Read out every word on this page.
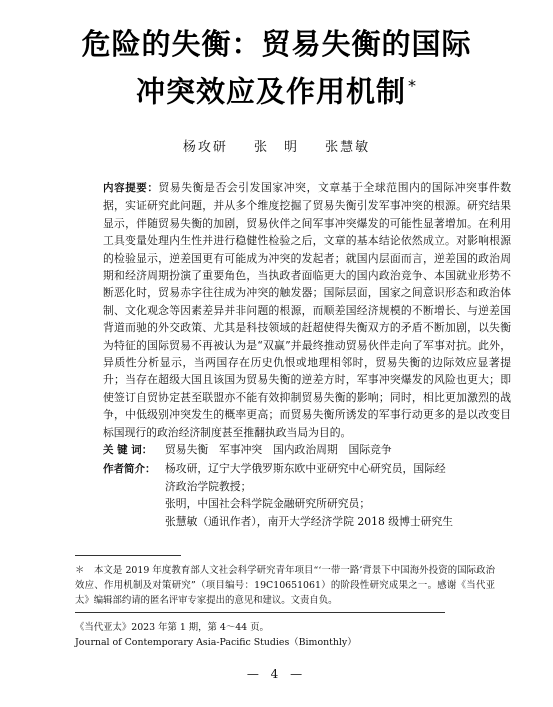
危险的失衡：贸易失衡的国际
冲突效应及作用机制 *
杨攻研 张　明 张慧敏
内容提要：贸易失衡是否会引发国家冲突，文章基于全球范围内的国际冲突事件数据，实证研究此问题，并从多个维度挖掘了贸易失衡引发军事冲突的根源。研究结果显示，伴随贸易失衡的加剧，贸易伙伴之间军事冲突爆发的可能性显著增加。在利用工具变量处理内生性并进行稳健性检验之后，文章的基本结论依然成立。对影响根源的检验显示，逆差国更有可能成为冲突的发起者；就国内层面而言，逆差国的政治周期和经济周期扮演了重要角色，当执政者面临更大的国内政治竞争、本国就业形势不断恶化时，贸易赤字往往成为冲突的触发器；国际层面，国家之间意识形态和政治体制、文化观念等因素差异并非问题的根源，而顺差国经济规模的不断增长、与逆差国背道而驰的外交政策、尤其是科技领域的赶超使得失衡双方的矛盾不断加剧，以失衡为特征的国际贸易不再被认为是“双赢”并最终推动贸易伙伴走向了军事对抗。此外，异质性分析显示，当两国存在历史仇恨或地理相邻时，贸易失衡的边际效应显著提升；当存在超级大国且该国为贸易失衡的逆差方时，军事冲突爆发的风险也更大；即使签订自贸协定甚至联盟亦不能有效抑制贸易失衡的影响；同时，相比更加激烈的战争，中低级别冲突发生的概率更高；而贸易失衡所诱发的军事行动更多的是以改变目标国现行的政治经济制度甚至推翻执政当局为目的。
关 键 词： 贸易失衡　军事冲突　国内政治周期　国际竞争
作者简介： 杨攻研，辽宁大学俄罗斯东欧中亚研究中心研究员，国际经
济政治学院教授；
张明，中国社会科学院金融研究所研究员；
张慧敏（通讯作者），南开大学经济学院 2018 级博士研究生
＊　本文是 2019 年度教育部人文社会科学研究青年项目“‘一带一路’背景下中国海外投资的国际政治效应、作用机制及对策研究”（项目编号：19C10651061）的阶段性研究成果之一。感谢《当代亚太》编辑部约请的匿名评审专家提出的意见和建议。文责自负。
《当代亚太》2023 年第 1 期，第 4～44 页。
Journal of Contemporary Asia-Pacific Studies（Bimonthly）
— 4 —
